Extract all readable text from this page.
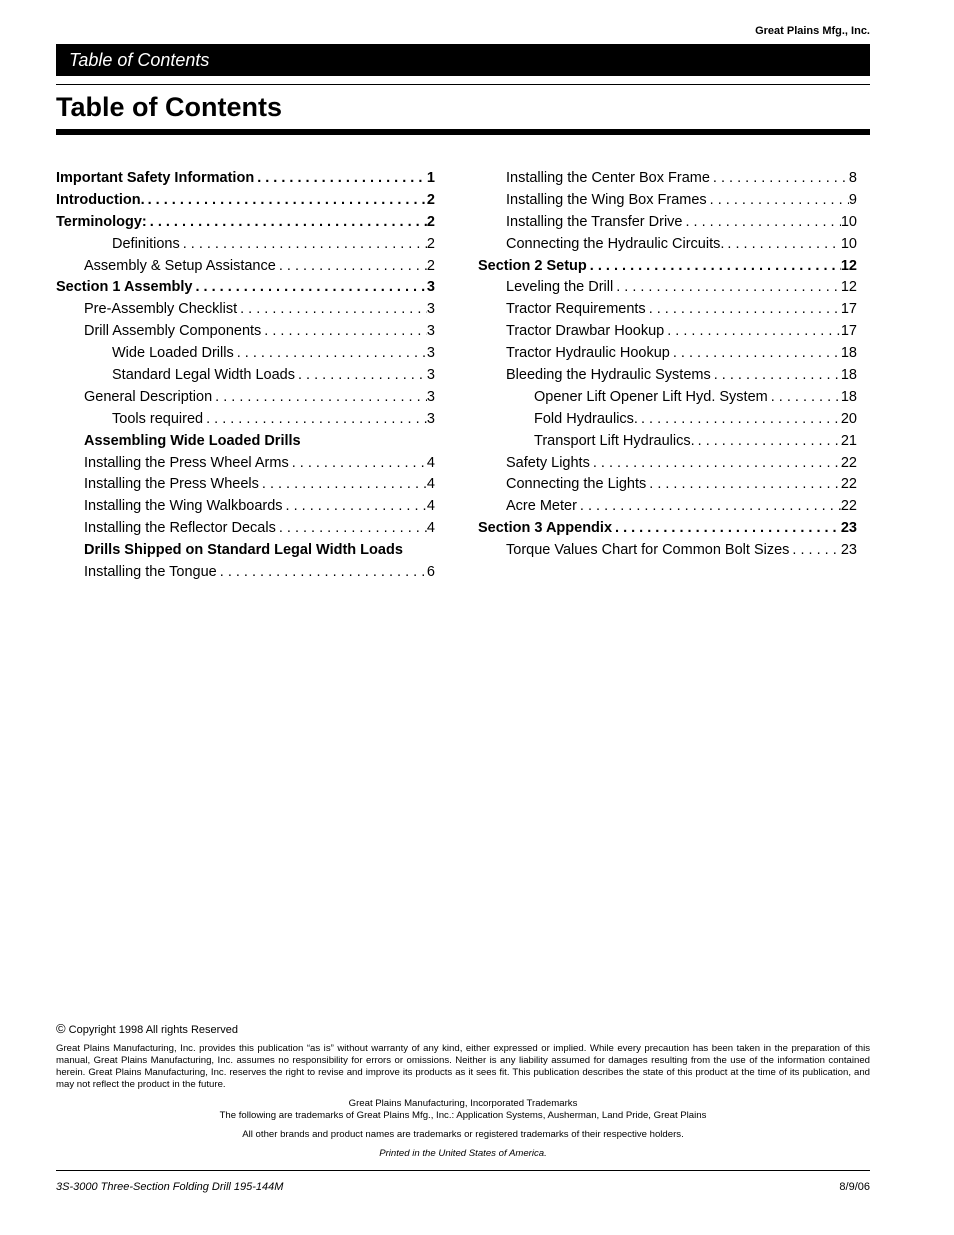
Great Plains Mfg., Inc.
Table of Contents
Table of Contents
Important Safety Information . . .	1
Introduction. . . .	2
Terminology: . . .	2
Definitions . . .	2
Assembly & Setup Assistance . . .	2
Section 1 Assembly . . .	3
Pre-Assembly Checklist . . .	3
Drill Assembly Components . . .	3
Wide Loaded Drills . . .	3
Standard Legal Width Loads . . .	3
General Description . . .	3
Tools required . . .	3
Assembling Wide Loaded Drills
Installing the Press Wheel Arms . . .	4
Installing the Press Wheels . . .	4
Installing the Wing Walkboards . . .	4
Installing the Reflector Decals . . .	4
Drills Shipped on Standard Legal Width Loads
Installing the Tongue . . .	6
Installing the Center Box Frame . . .	8
Installing the Wing Box Frames . . .	9
Installing the Transfer Drive . . .	10
Connecting the Hydraulic Circuits. . . .	10
Section 2 Setup . . .	12
Leveling the Drill . . .	12
Tractor Requirements . . .	17
Tractor Drawbar Hookup . . .	17
Tractor Hydraulic Hookup . . .	18
Bleeding the Hydraulic Systems . . .	18
Opener Lift Opener Lift Hyd. System . . .	18
Fold Hydraulics. . . .	20
Transport Lift Hydraulics. . . .	21
Safety Lights . . .	22
Connecting the Lights . . .	22
Acre Meter . . .	22
Section 3 Appendix . . .	23
Torque Values Chart for Common Bolt Sizes . . .	23
© Copyright 1998 All rights Reserved
Great Plains Manufacturing, Inc. provides this publication “as is” without warranty of any kind, either expressed or implied. While every precaution has been taken in the preparation of this manual, Great Plains Manufacturing, Inc. assumes no responsibility for errors or omissions. Neither is any liability assumed for damages resulting from the use of the information contained herein. Great Plains Manufacturing, Inc. reserves the right to revise and improve its products as it sees fit. This publication describes the state of this product at the time of its publication, and may not reflect the product in the future.
Great Plains Manufacturing, Incorporated Trademarks
The following are trademarks of Great Plains Mfg., Inc.: Application Systems, Ausherman, Land Pride, Great Plains
All other brands and product names are trademarks or registered trademarks of their respective holders.
Printed in the United States of America.
3S-3000 Three-Section Folding Drill 195-144M	8/9/06
